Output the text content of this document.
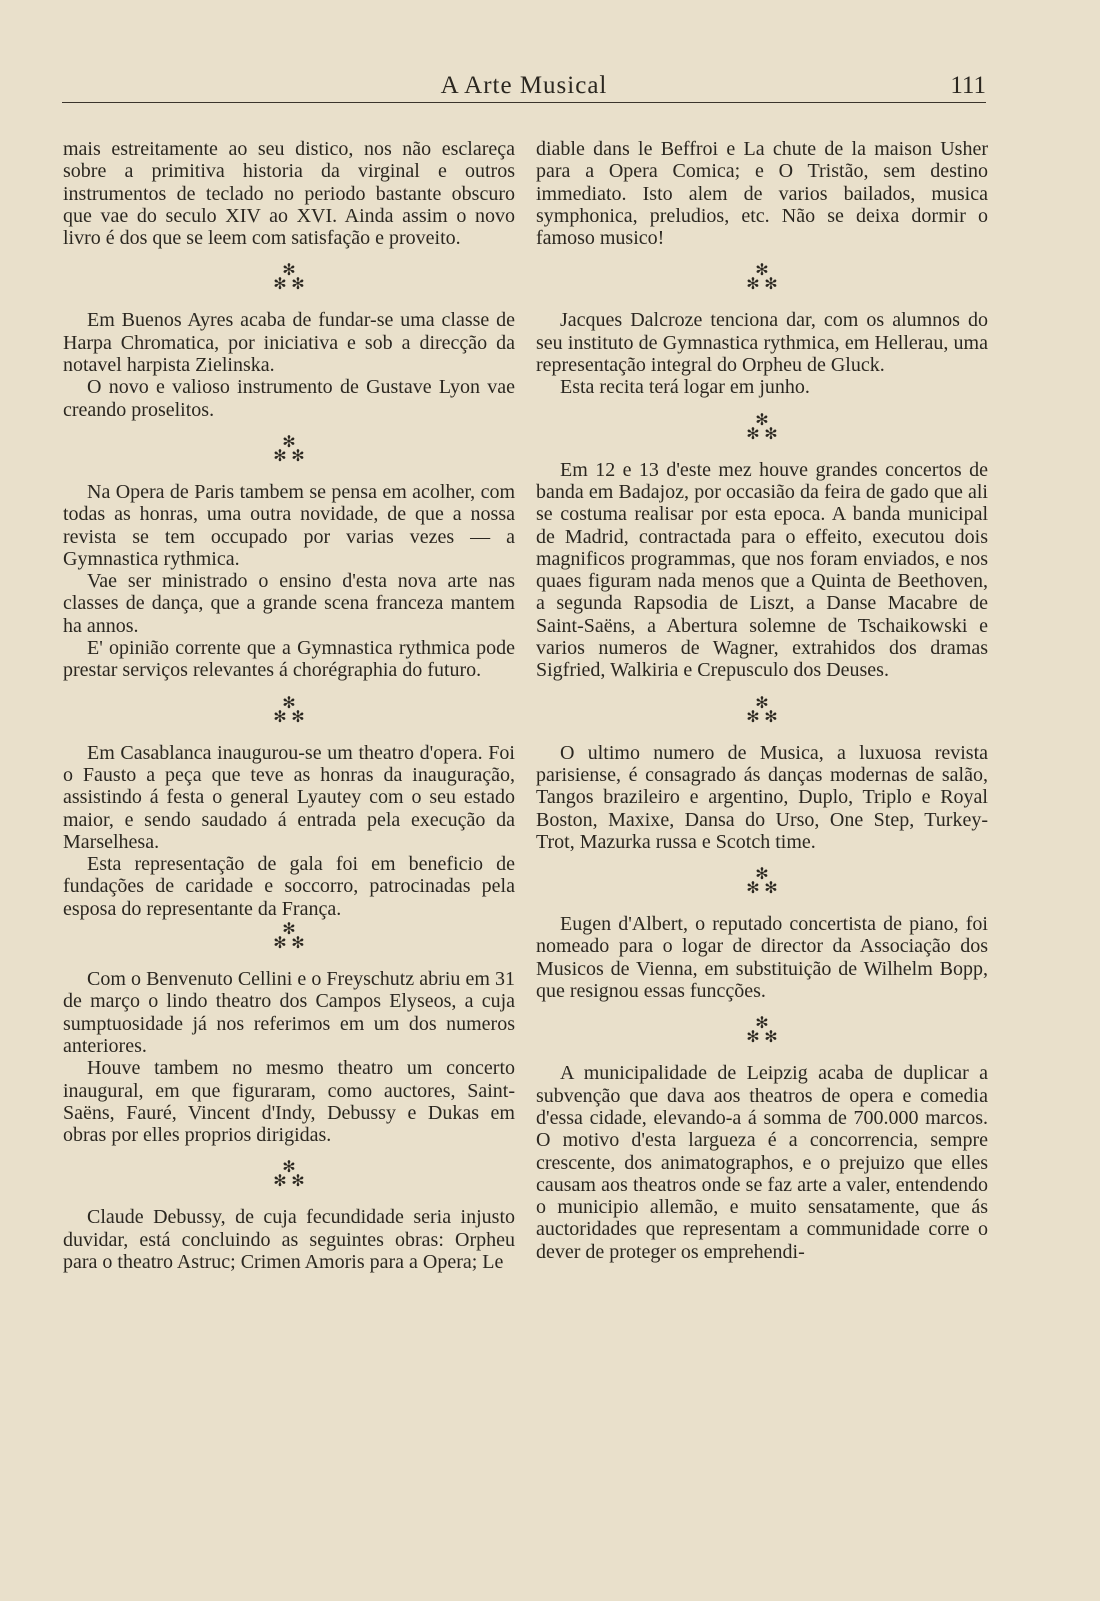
A Arte Musical	111

mais estreitamente ao seu distico, nos não esclareça sobre a primitiva historia da virginal e outros instrumentos de teclado no periodo bastante obscuro que vae do seculo XIV ao XVI. Ainda assim o novo livro é dos que se leem com satisfação e proveito.

✻
✻ ✻

Em Buenos Ayres acaba de fundar-se uma classe de Harpa Chromatica, por iniciativa e sob a direcção da notavel harpista Zielinska.

O novo e valioso instrumento de Gustave Lyon vae creando proselitos.

✻
✻ ✻

Na Opera de Paris tambem se pensa em acolher, com todas as honras, uma outra novidade, de que a nossa revista se tem occupado por varias vezes — a Gymnastica rythmica.

Vae ser ministrado o ensino d'esta nova arte nas classes de dança, que a grande scena franceza mantem ha annos.

E' opinião corrente que a Gymnastica rythmica pode prestar serviços relevantes á chorégraphia do futuro.

✻
✻ ✻

Em Casablanca inaugurou-se um theatro d'opera. Foi o Fausto a peça que teve as honras da inauguração, assistindo á festa o general Lyautey com o seu estado maior, e sendo saudado á entrada pela execução da Marselhesa.

Esta representação de gala foi em beneficio de fundações de caridade e soccorro, patrocinadas pela esposa do representante da França.

✻
✻ ✻

Com o Benvenuto Cellini e o Freyschutz abriu em 31 de março o lindo theatro dos Campos Elyseos, a cuja sumptuosidade já nos referimos em um dos numeros anteriores.

Houve tambem no mesmo theatro um concerto inaugural, em que figuraram, como auctores, Saint-Saëns, Fauré, Vincent d'Indy, Debussy e Dukas em obras por elles proprios dirigidas.

✻
✻ ✻

Claude Debussy, de cuja fecundidade seria injusto duvidar, está concluindo as seguintes obras: Orpheu para o theatro Astruc; Crimen Amoris para a Opera; Le

diable dans le Beffroi e La chute de la maison Usher para a Opera Comica; e O Tristão, sem destino immediato. Isto alem de varios bailados, musica symphonica, preludios, etc. Não se deixa dormir o famoso musico!

✻
✻ ✻

Jacques Dalcroze tenciona dar, com os alumnos do seu instituto de Gymnastica rythmica, em Hellerau, uma representação integral do Orpheu de Gluck.

Esta recita terá logar em junho.

✻
✻ ✻

Em 12 e 13 d'este mez houve grandes concertos de banda em Badajoz, por occasião da feira de gado que ali se costuma realisar por esta epoca. A banda municipal de Madrid, contractada para o effeito, executou dois magnificos programmas, que nos foram enviados, e nos quaes figuram nada menos que a Quinta de Beethoven, a segunda Rapsodia de Liszt, a Danse Macabre de Saint-Saëns, a Abertura solemne de Tschaikowski e varios numeros de Wagner, extrahidos dos dramas Sigfried, Walkiria e Crepusculo dos Deuses.

✻
✻ ✻

O ultimo numero de Musica, a luxuosa revista parisiense, é consagrado ás danças modernas de salão, Tangos brazileiro e argentino, Duplo, Triplo e Royal Boston, Maxixe, Dansa do Urso, One Step, Turkey-Trot, Mazurka russa e Scotch time.

✻
✻ ✻

Eugen d'Albert, o reputado concertista de piano, foi nomeado para o logar de director da Associação dos Musicos de Vienna, em substituição de Wilhelm Bopp, que resignou essas funcções.

✻
✻ ✻

A municipalidade de Leipzig acaba de duplicar a subvenção que dava aos theatros de opera e comedia d'essa cidade, elevando-a á somma de 700.000 marcos. O motivo d'esta largueza é a concorrencia, sempre crescente, dos animatographos, e o prejuizo que elles causam aos theatros onde se faz arte a valer, entendendo o municipio allemão, e muito sensatamente, que ás auctoridades que representam a communidade corre o dever de proteger os emprehendi-
